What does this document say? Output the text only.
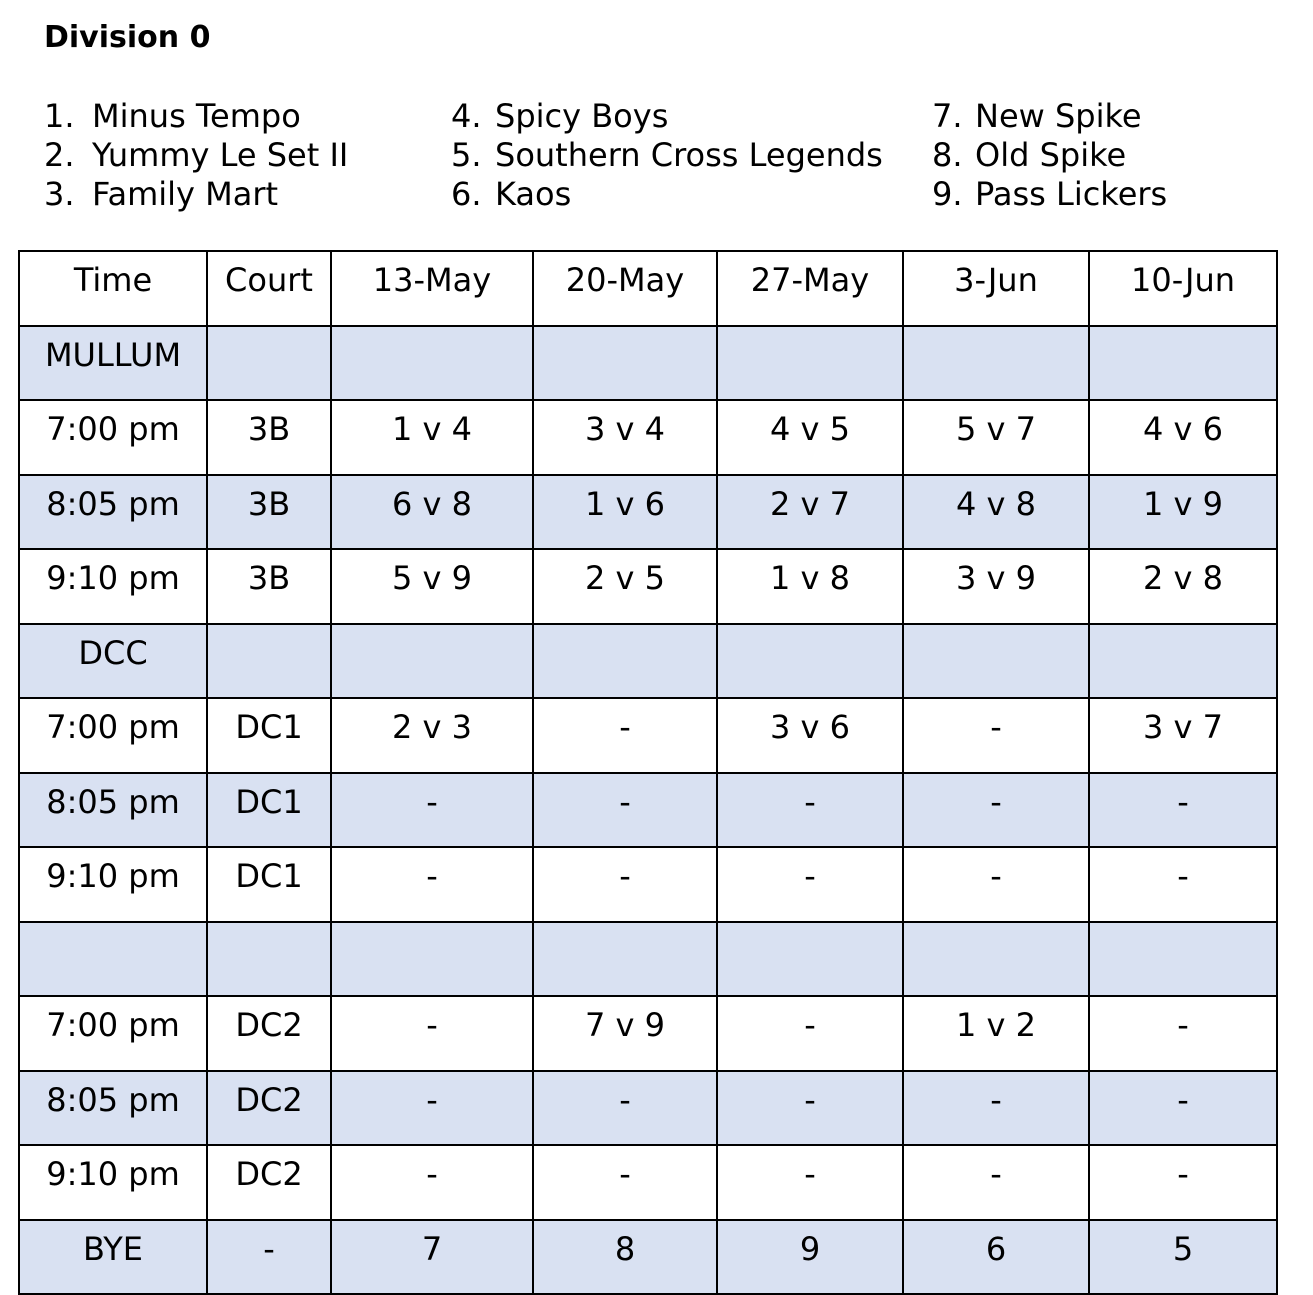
Division 0
1. Minus Tempo
2. Yummy Le Set II
3. Family Mart
4. Spicy Boys
5. Southern Cross Legends
6. Kaos
7. New Spike
8. Old Spike
9. Pass Lickers
Time	Court	13-May	20-May	27-May	3-Jun	10-Jun
MULLUM						
7:00 pm	3B	1 v 4	3 v 4	4 v 5	5 v 7	4 v 6
8:05 pm	3B	6 v 8	1 v 6	2 v 7	4 v 8	1 v 9
9:10 pm	3B	5 v 9	2 v 5	1 v 8	3 v 9	2 v 8
DCC						
7:00 pm	DC1	2 v 3	-	3 v 6	-	3 v 7
8:05 pm	DC1	-	-	-	-	-
9:10 pm	DC1	-	-	-	-	-

7:00 pm	DC2	-	7 v 9	-	1 v 2	-
8:05 pm	DC2	-	-	-	-	-
9:10 pm	DC2	-	-	-	-	-
BYE	-	7	8	9	6	5
